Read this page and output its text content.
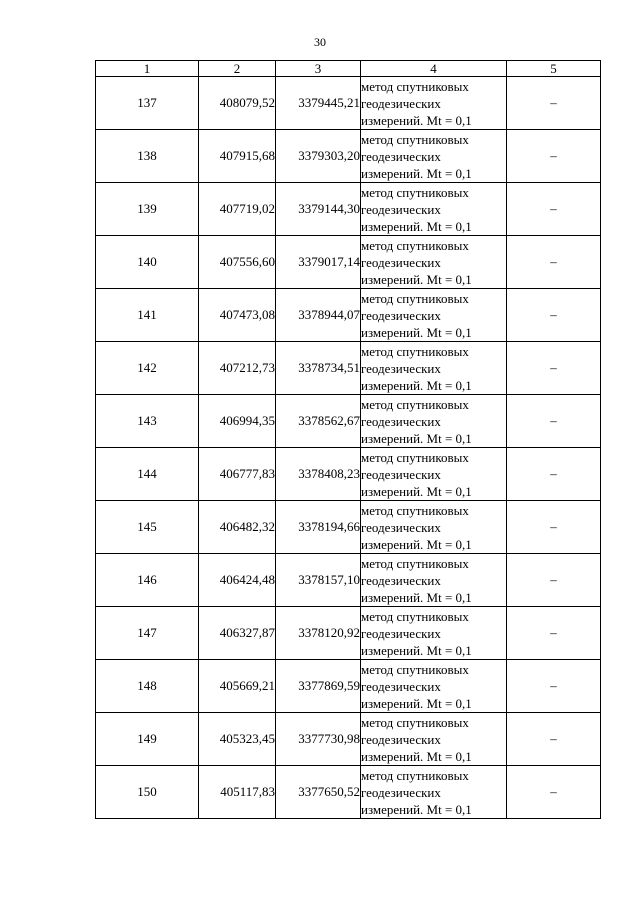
30
1	2	3	4	5
137	408079,52	3379445,21	метод спутниковых
геодезических
измерений. Mt = 0,1	–
138	407915,68	3379303,20	метод спутниковых
геодезических
измерений. Mt = 0,1	–
139	407719,02	3379144,30	метод спутниковых
геодезических
измерений. Mt = 0,1	–
140	407556,60	3379017,14	метод спутниковых
геодезических
измерений. Mt = 0,1	–
141	407473,08	3378944,07	метод спутниковых
геодезических
измерений. Mt = 0,1	–
142	407212,73	3378734,51	метод спутниковых
геодезических
измерений. Mt = 0,1	–
143	406994,35	3378562,67	метод спутниковых
геодезических
измерений. Mt = 0,1	–
144	406777,83	3378408,23	метод спутниковых
геодезических
измерений. Mt = 0,1	–
145	406482,32	3378194,66	метод спутниковых
геодезических
измерений. Mt = 0,1	–
146	406424,48	3378157,10	метод спутниковых
геодезических
измерений. Mt = 0,1	–
147	406327,87	3378120,92	метод спутниковых
геодезических
измерений. Mt = 0,1	–
148	405669,21	3377869,59	метод спутниковых
геодезических
измерений. Mt = 0,1	–
149	405323,45	3377730,98	метод спутниковых
геодезических
измерений. Mt = 0,1	–
150	405117,83	3377650,52	метод спутниковых
геодезических
измерений. Mt = 0,1	–
